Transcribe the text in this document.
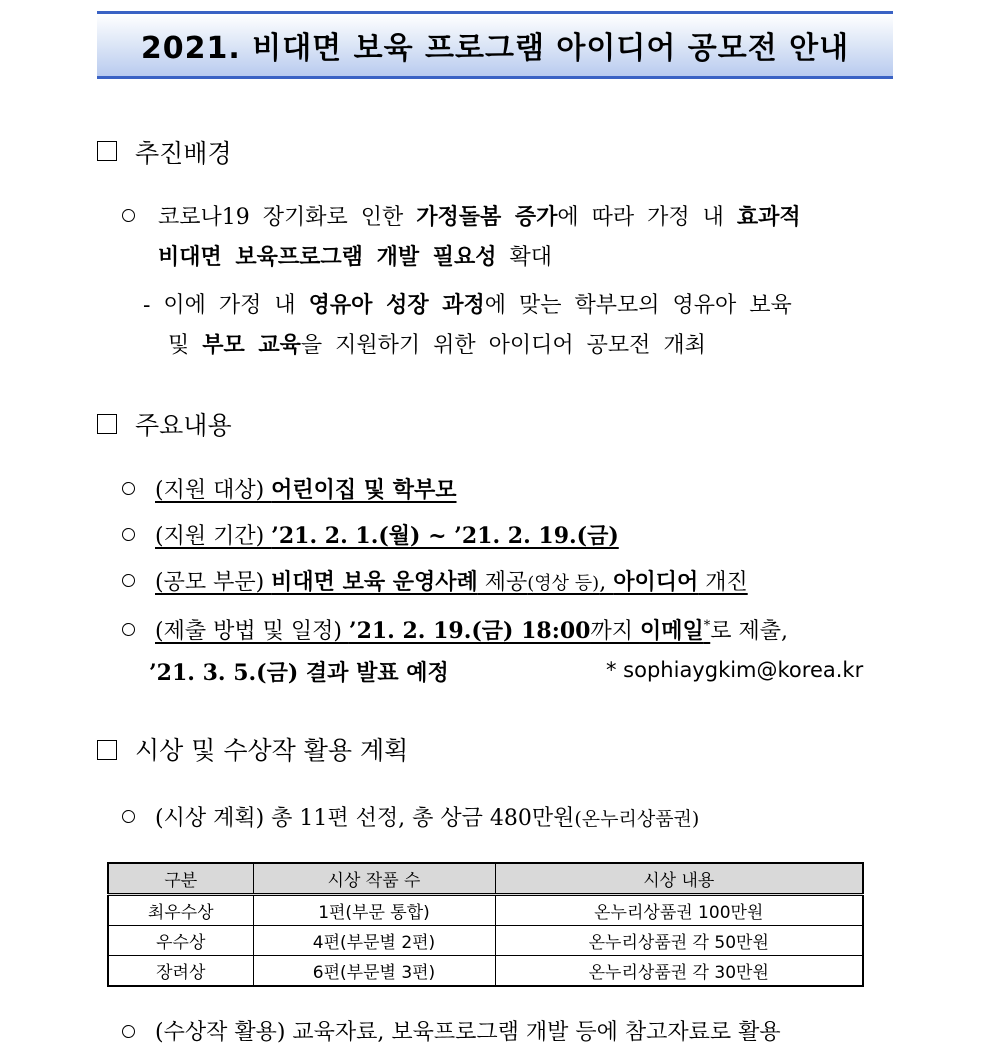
2021. 비대면 보육 프로그램 아이디어 공모전 안내
추진배경
코로나19 장기화로 인한 가정돌봄 증가에 따라 가정 내 효과적
비대면 보육프로그램 개발 필요성 확대
- 이에 가정 내 영유아 성장 과정에 맞는 학부모의 영유아 보육
및 부모 교육을 지원하기 위한 아이디어 공모전 개최
주요내용
(지원 대상) 어린이집 및 학부모
(지원 기간) ’21. 2. 1.(월) ~ ’21. 2. 19.(금)
(공모 부문) 비대면 보육 운영사례 제공(영상 등), 아이디어 개진
(제출 방법 및 일정) ’21. 2. 19.(금) 18:00까지 이메일*로 제출,
’21. 3. 5.(금) 결과 발표 예정	* sophiaygkim@korea.kr
시상 및 수상작 활용 계획
(시상 계획) 총 11편 선정, 총 상금 480만원(온누리상품권)
구분	시상 작품 수	시상 내용
최우수상	1편(부문 통합)	온누리상품권 100만원
우수상	4편(부문별 2편)	온누리상품권 각 50만원
장려상	6편(부문별 3편)	온누리상품권 각 30만원
(수상작 활용) 교육자료, 보육프로그램 개발 등에 참고자료로 활용
